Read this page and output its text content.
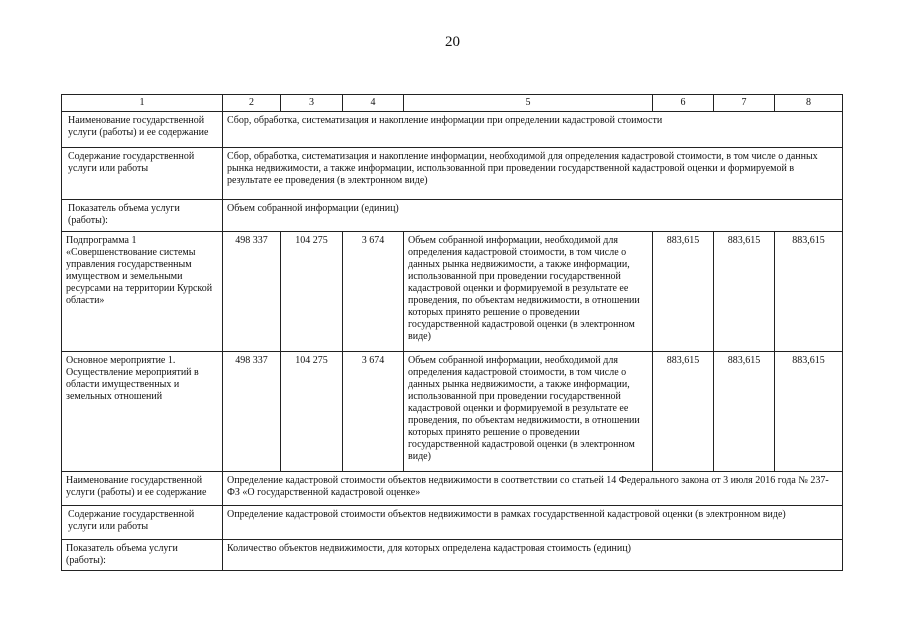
20
1	2	3	4	5	6	7	8
Наименование государственной услуги (работы) и ее содержание	Сбор, обработка, систематизация и накопление информации при определении кадастровой стоимости						
Содержание государственной услуги или работы	Сбор, обработка, систематизация и накопление информации, необходимой для определения кадастровой стоимости, в том числе о данных рынка недвижимости, а также информации, использованной при проведении государственной кадастровой оценки и формируемой в результате ее проведения (в электронном виде)						
Показатель объема услуги (работы):	Объем собранной информации (единиц)						
Подпрограмма 1 «Совершенствование системы управления государственным имуществом и земельными ресурсами на территории Курской области»	498 337	104 275	3 674	Объем собранной информации, необходимой для определения кадастровой стоимости, в том числе о данных рынка недвижимости, а также информации, использованной при проведении государственной кадастровой оценки и формируемой в результате ее проведения, по объектам недвижимости, в отношении которых принято решение о проведении государственной кадастровой оценки (в электронном виде)	883,615	883,615	883,615
Основное мероприятие 1. Осуществление мероприятий в области имущественных и земельных отношений	498 337	104 275	3 674	Объем собранной информации, необходимой для определения кадастровой стоимости, в том числе о данных рынка недвижимости, а также информации, использованной при проведении государственной кадастровой оценки и формируемой в результате ее проведения, по объектам недвижимости, в отношении которых принято решение о проведении государственной кадастровой оценки (в электронном виде)	883,615	883,615	883,615
Наименование государственной услуги (работы) и ее содержание	Определение кадастровой стоимости объектов недвижимости в соответствии со статьей 14 Федерального закона от 3 июля 2016 года № 237-ФЗ «О государственной кадастровой оценке»						
Содержание государственной услуги или работы	Определение кадастровой стоимости объектов недвижимости в рамках государственной кадастровой оценки (в электронном виде)						
Показатель объема услуги (работы):	Количество объектов недвижимости, для которых определена кадастровая стоимость (единиц)						
